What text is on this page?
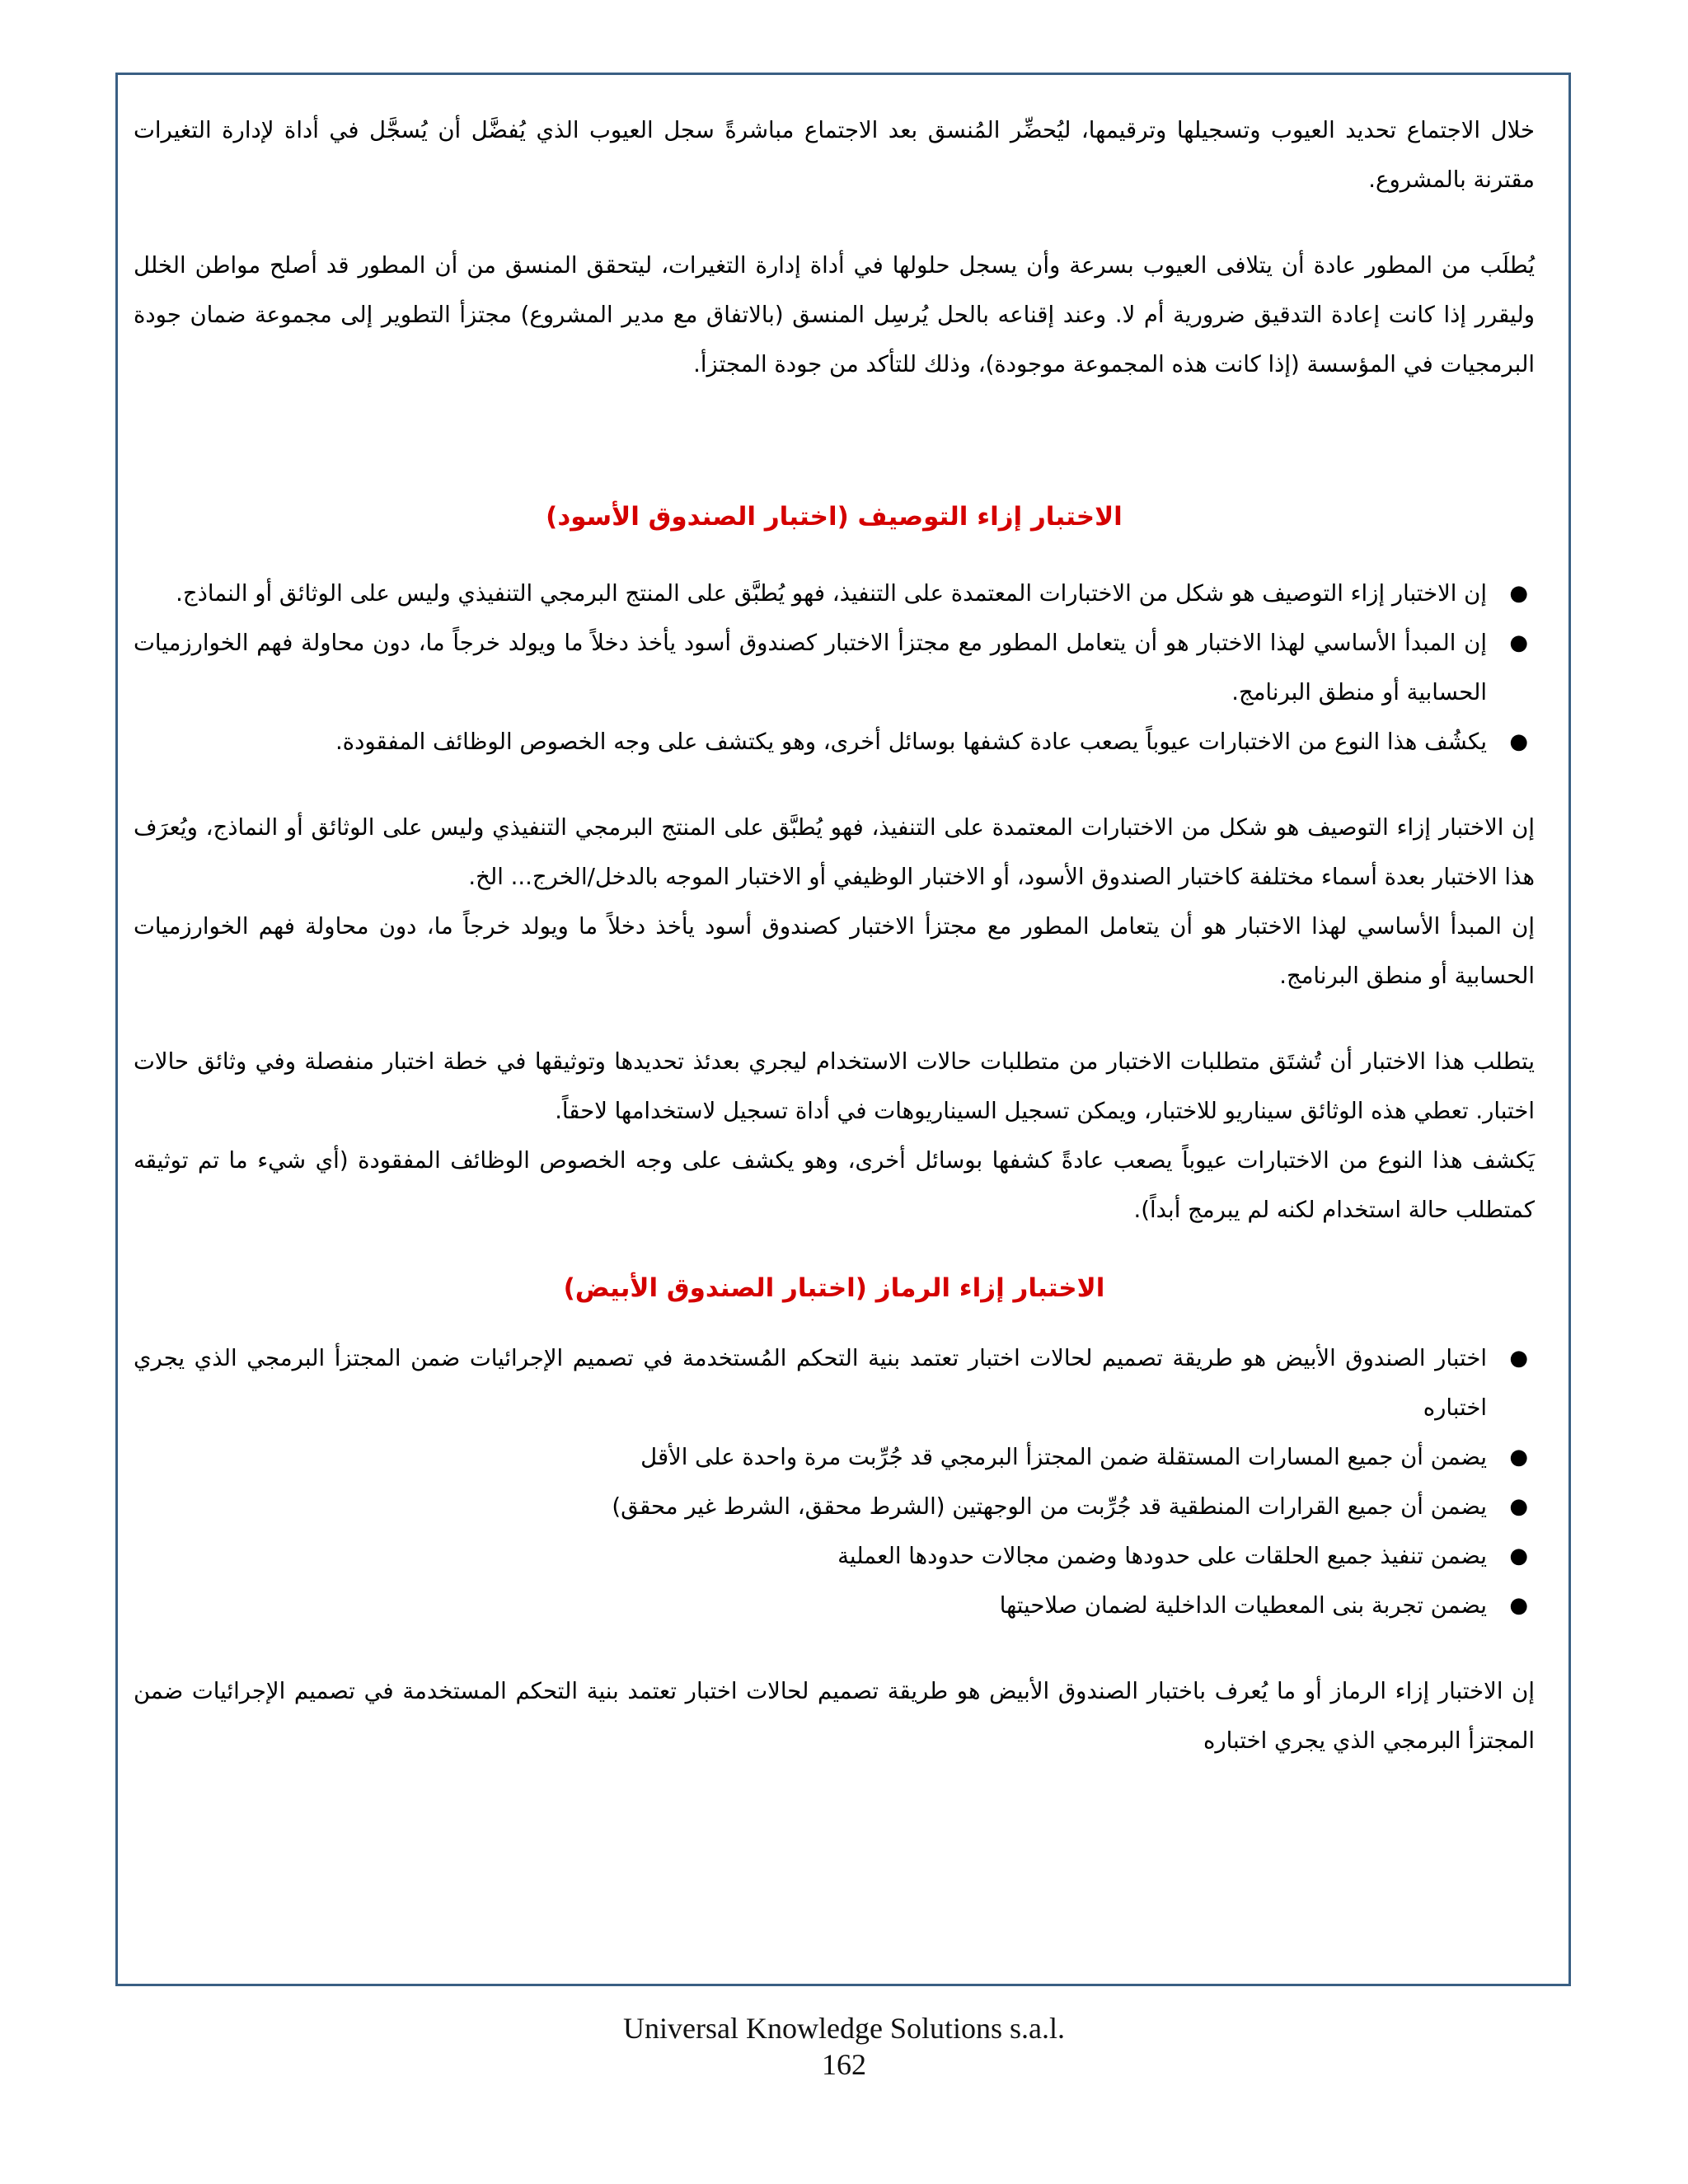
خلال الاجتماع تحديد العيوب وتسجيلها وترقيمها، ليُحضِّر المُنسق بعد الاجتماع مباشرةً سجل العيوب الذي يُفضَّل أن يُسجَّل في أداة لإدارة التغيرات مقترنة بالمشروع.

يُطلَب من المطور عادة أن يتلافى العيوب بسرعة وأن يسجل حلولها في أداة إدارة التغيرات، ليتحقق المنسق من أن المطور قد أصلح مواطن الخلل وليقرر إذا كانت إعادة التدقيق ضرورية أم لا. وعند إقناعه بالحل يُرسِل المنسق (بالاتفاق مع مدير المشروع) مجتزأ التطوير إلى مجموعة ضمان جودة البرمجيات في المؤسسة (إذا كانت هذه المجموعة موجودة)، وذلك للتأكد من جودة المجتزأ.

الاختبار إزاء التوصيف (اختبار الصندوق الأسود)
●
إن الاختبار إزاء التوصيف هو شكل من الاختبارات المعتمدة على التنفيذ، فهو يُطبَّق على المنتج البرمجي التنفيذي وليس على الوثائق أو النماذج.
●
إن المبدأ الأساسي لهذا الاختبار هو أن يتعامل المطور مع مجتزأ الاختبار كصندوق أسود يأخذ دخلاً ما ويولد خرجاً ما، دون محاولة فهم الخوارزميات الحسابية أو منطق البرنامج.
●
يكشُف هذا النوع من الاختبارات عيوباً يصعب عادة كشفها بوسائل أخرى، وهو يكتشف على وجه الخصوص الوظائف المفقودة.

إن الاختبار إزاء التوصيف هو شكل من الاختبارات المعتمدة على التنفيذ، فهو يُطبَّق على المنتج البرمجي التنفيذي وليس على الوثائق أو النماذج، ويُعرَف هذا الاختبار بعدة أسماء مختلفة كاختبار الصندوق الأسود، أو الاختبار الوظيفي أو الاختبار الموجه بالدخل/الخرج... الخ.

إن المبدأ الأساسي لهذا الاختبار هو أن يتعامل المطور مع مجتزأ الاختبار كصندوق أسود يأخذ دخلاً ما ويولد خرجاً ما، دون محاولة فهم الخوارزميات الحسابية أو منطق البرنامج.

يتطلب هذا الاختبار أن تُشتَق متطلبات الاختبار من متطلبات حالات الاستخدام ليجري بعدئذ تحديدها وتوثيقها في خطة اختبار منفصلة وفي وثائق حالات اختبار. تعطي هذه الوثائق سيناريو للاختبار، ويمكن تسجيل السيناريوهات في أداة تسجيل لاستخدامها لاحقاً.

يَكشف هذا النوع من الاختبارات عيوباً يصعب عادةً كشفها بوسائل أخرى، وهو يكشف على وجه الخصوص الوظائف المفقودة (أي شيء ما تم توثيقه كمتطلب حالة استخدام لكنه لم يبرمج أبداً).

الاختبار إزاء الرماز (اختبار الصندوق الأبيض)
●
اختبار الصندوق الأبيض هو طريقة تصميم لحالات اختبار تعتمد بنية التحكم المُستخدمة في تصميم الإجرائيات ضمن المجتزأ البرمجي الذي يجري اختباره
●
يضمن أن جميع المسارات المستقلة ضمن المجتزأ البرمجي قد جُرِّبت مرة واحدة على الأقل
●
يضمن أن جميع القرارات المنطقية قد جُرِّبت من الوجهتين (الشرط محقق، الشرط غير محقق)
●
يضمن تنفيذ جميع الحلقات على حدودها وضمن مجالات حدودها العملية
●
يضمن تجربة بنى المعطيات الداخلية لضمان صلاحيتها

إن الاختبار إزاء الرماز أو ما يُعرف باختبار الصندوق الأبيض هو طريقة تصميم لحالات اختبار تعتمد بنية التحكم المستخدمة في تصميم الإجرائيات ضمن المجتزأ البرمجي الذي يجري اختباره

Universal Knowledge Solutions s.a.l.
162
